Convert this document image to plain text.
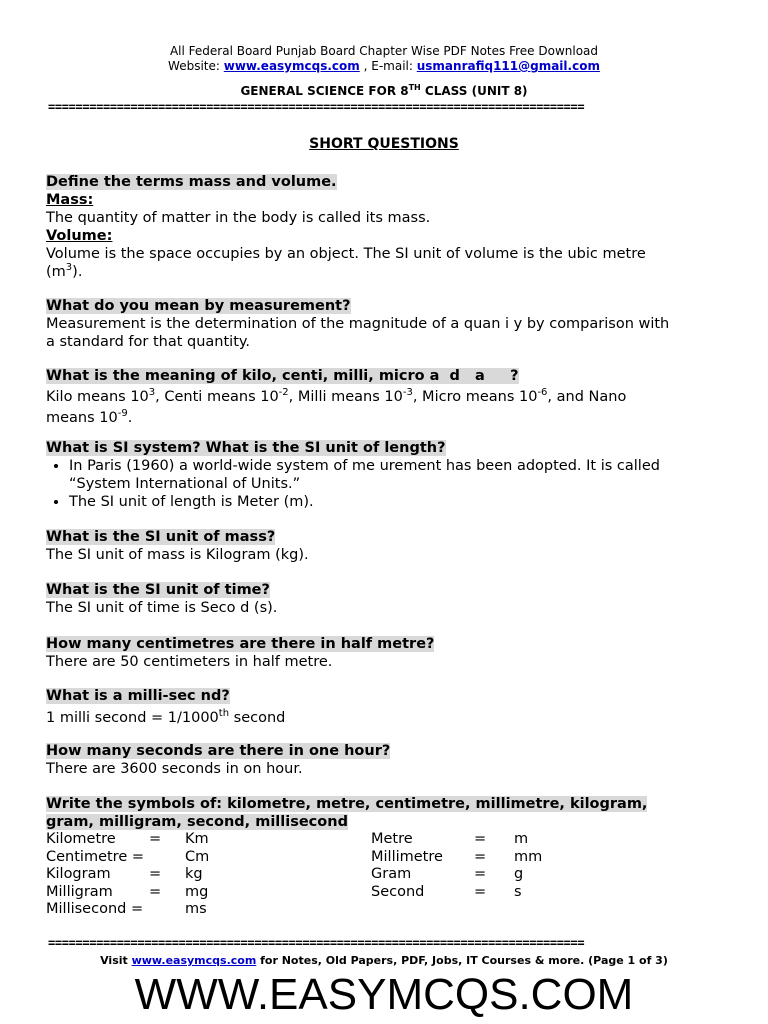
All Federal Board Punjab Board Chapter Wise PDF Notes Free Download
Website: www.easymcqs.com , E-mail: usmanrafiq111@gmail.com
GENERAL SCIENCE FOR 8TH CLASS (UNIT 8)
==============================================================================
SHORT QUESTIONS
Define the terms mass and volume.
Mass:
The quantity of matter in the body is called its mass.
Volume:
Volume is the space occupies by an object. The SI unit of volume is the ubic metre
$(m^3)$.
What do you mean by measurement?
Measurement is the determination of the magnitude of a quan i y by comparison with
a standard for that quantity.
What is the meaning of kilo, centi, milli, micro a  d   a     ?
Kilo means $10^3$, Centi means $10^{-2}$, Milli means $10^{-3}$, Micro means $10^{-6}$, and Nano
means $10^{-9}$.
What is SI system? What is the SI unit of length?
• In Paris (1960) a world-wide system of me urement has been adopted. It is called
“System International of Units.”
• The SI unit of length is Meter (m).
What is the SI unit of mass?
The SI unit of mass is Kilogram (kg).
What is the SI unit of time?
The SI unit of time is Seco d (s).
How many centimetres are there in half metre?
There are 50 centimeters in half metre.
What is a milli-sec nd?
1 milli second = 1/1000th second
How many seconds are there in one hour?
There are 3600 seconds in on hour.
Write the symbols of: kilometre, metre, centimetre, millimetre, kilogram,
gram, milligram, second, millisecond
Kilometre	=	Km	Metre	=	m
Centimetre =		Cm	Millimetre	=	mm
Kilogram	=	kg	Gram	=	g
Milligram	=	mg	Second	=	s
Millisecond =		ms			
==============================================================================
Visit www.easymcqs.com for Notes, Old Papers, PDF, Jobs, IT Courses & more. (Page 1 of 3)
WWW.EASYMCQS.COM
